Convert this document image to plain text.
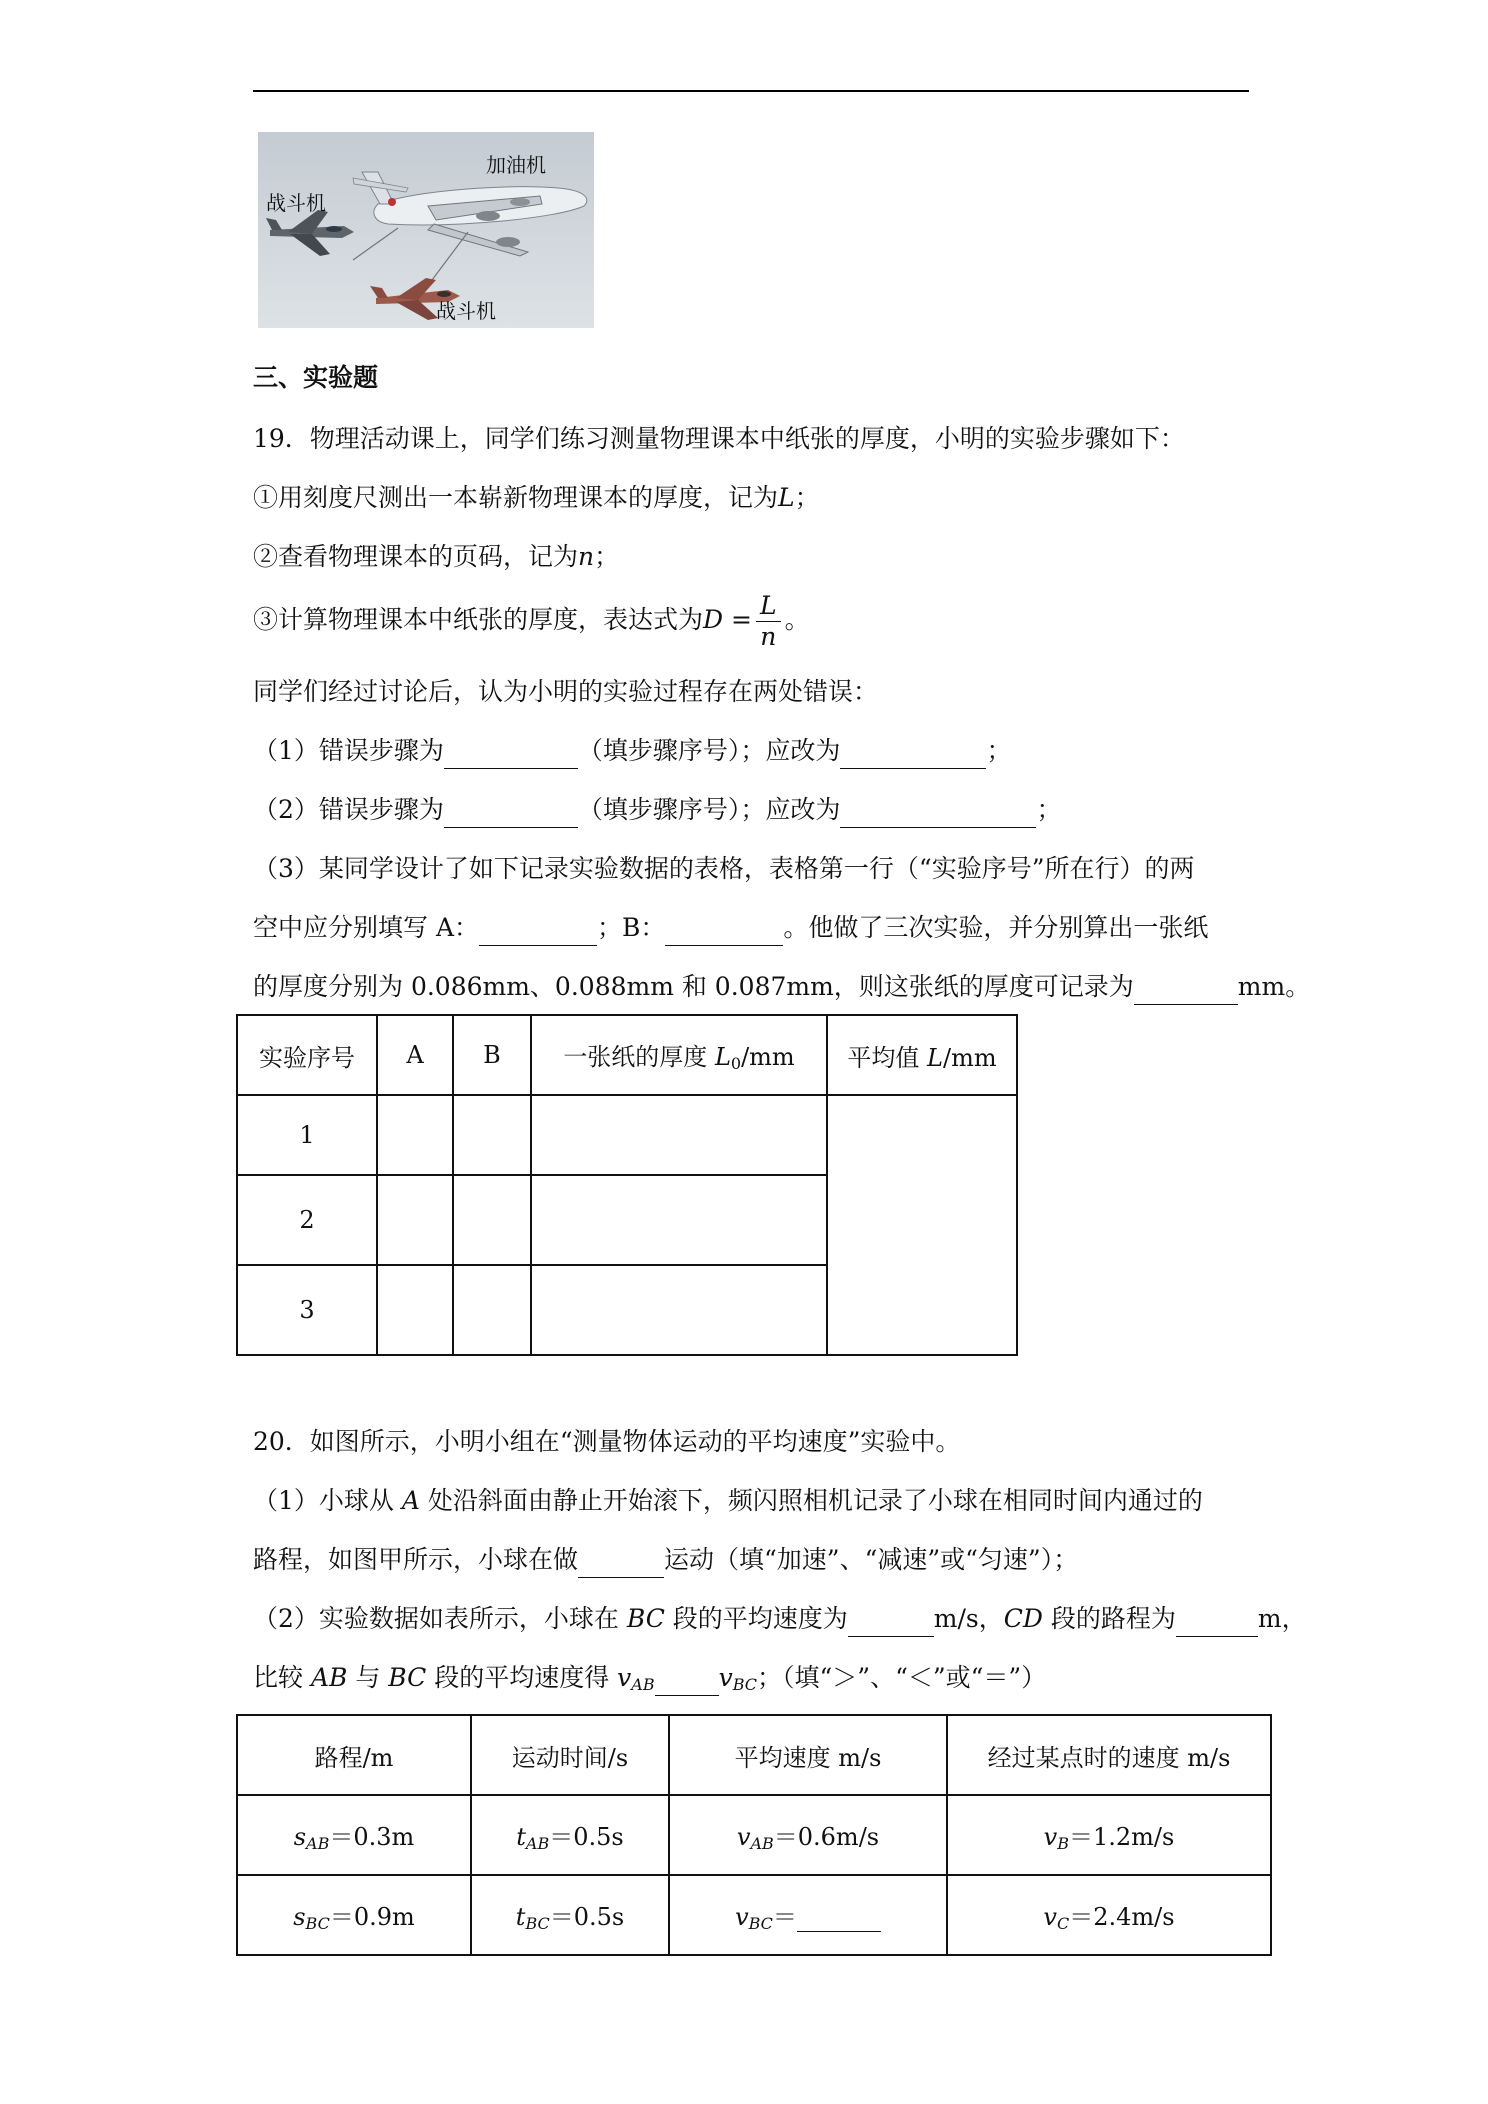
加油机
战斗机
战斗机
三、实验题
19．物理活动课上，同学们练习测量物理课本中纸张的厚度，小明的实验步骤如下：
①用刻度尺测出一本崭新物理课本的厚度，记为L；
②查看物理课本的页码，记为n；
③计算物理课本中纸张的厚度，表达式为$D = \frac{L}{n}$ 。
同学们经过讨论后，认为小明的实验过程存在两处错误：
（1）错误步骤为	（填步骤序号）；应改为	；
（2）错误步骤为	（填步骤序号）；应改为	；
（3）某同学设计了如下记录实验数据的表格，表格第一行（“实验序号”所在行）的两
空中应分别填写 A：	；B：	。他做了三次实验，并分别算出一张纸
的厚度分别为 0.086mm、0.088mm 和 0.087mm，则这张纸的厚度可记录为	mm。
实验序号	A	B	一张纸的厚度 $L_0/mm$	平均值 L/mm
1				
2				
3				
20．如图所示，小明小组在“测量物体运动的平均速度”实验中。
（1）小球从 A 处沿斜面由静止开始滚下，频闪照相机记录了小球在相同时间内通过的
路程，如图甲所示，小球在做	运动（填“加速”、“减速”或“匀速”）；
（2）实验数据如表所示，小球在 BC 段的平均速度为	m/s，CD 段的路程为	m，
比较 AB 与 BC 段的平均速度得 $v_{AB}$	$v_{BC}$；（填“＞”、“＜”或“＝”）
路程/m	运动时间/s	平均速度 m/s	经过某点时的速度 m/s
$s_{AB}=0.3m$	$t_{AB}=0.5s$	$v_{AB}=0.6m/s$	$v_B=1.2m/s$
$s_{BC}=0.9m$	$t_{BC}=0.5s$	$v_{BC}=$	$v_C=2.4m/s$
